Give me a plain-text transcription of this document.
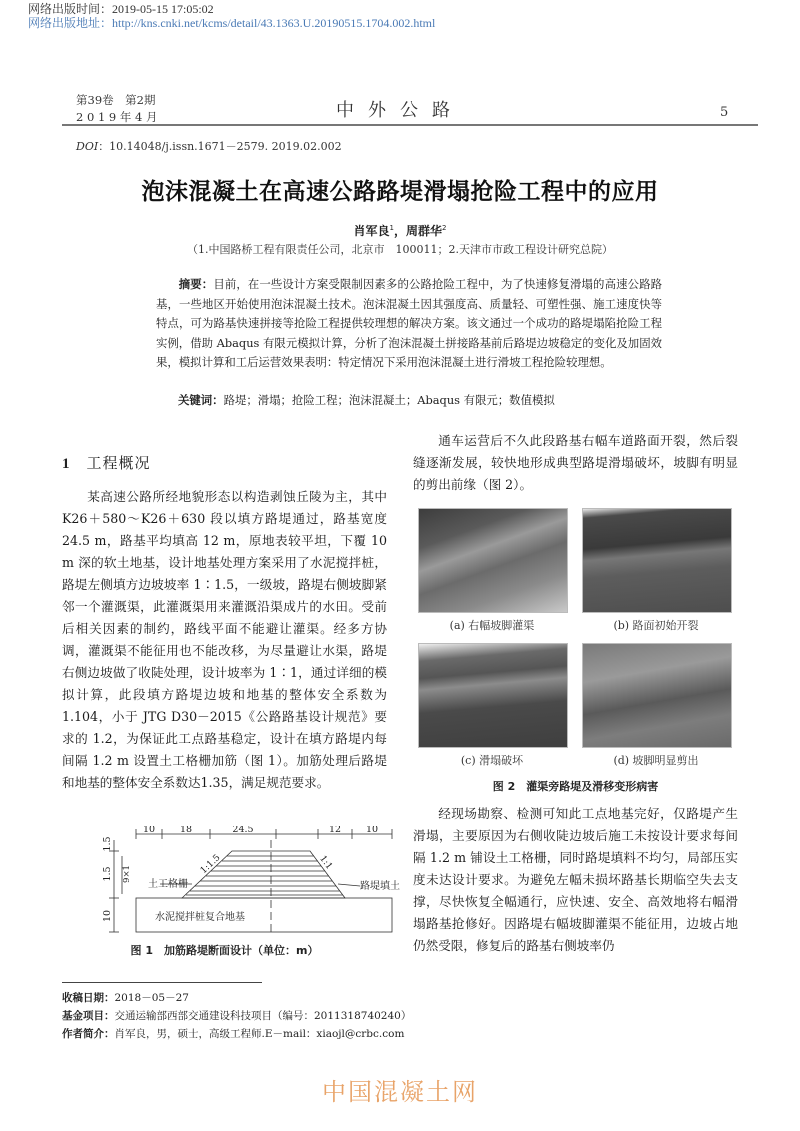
网络出版时间：2019-05-15 17:05:02
网络出版地址：http://kns.cnki.net/kcms/detail/43.1363.U.20190515.1704.002.html
第39卷　第2期
2 0 1 9 年 4 月	中外公路	5
DOI：10.14048/j.issn.1671－2579. 2019.02.002
泡沫混凝土在高速公路路堤滑塌抢险工程中的应用
肖军良$^1$，周群华$^2$
（1.中国路桥工程有限责任公司，北京市　100011；2.天津市市政工程设计研究总院）
摘要：目前，在一些设计方案受限制因素多的公路抢险工程中，为了快速修复滑塌的高速公路路基，一些地区开始使用泡沫混凝土技术。泡沫混凝土因其强度高、质量轻、可塑性强、施工速度快等特点，可为路基快速拼接等抢险工程提供较理想的解决方案。该文通过一个成功的路堤塌陷抢险工程实例，借助 Abaqus 有限元模拟计算，分析了泡沫混凝土拼接路基前后路堤边坡稳定的变化及加固效果，模拟计算和工后运营效果表明：特定情况下采用泡沫混凝土进行滑坡工程抢险较理想。
关键词：路堤；滑塌；抢险工程；泡沫混凝土；Abaqus 有限元；数值模拟
1 工程概况
某高速公路所经地貌形态以构造剥蚀丘陵为主，其中 K26＋580～K26＋630 段以填方路堤通过，路基宽度 24.5 m，路基平均填高 12 m，原地表较平坦，下覆 10 m 深的软土地基，设计地基处理方案采用了水泥搅拌桩，路堤左侧填方边坡坡率 1∶1.5，一级坡，路堤右侧坡脚紧邻一个灌溉渠，此灌溉渠用来灌溉沿渠成片的水田。受前后相关因素的制约，路线平面不能避让灌渠。经多方协调，灌溉渠不能征用也不能改移，为尽量避让水渠，路堤右侧边坡做了收陡处理，设计坡率为 1∶1，通过详细的模拟计算，此段填方路堤边坡和地基的整体安全系数为 1.104，小于 JTG D30－2015《公路路基设计规范》要求的 1.2，为保证此工点路基稳定，设计在填方路堤内每间隔 1.2 m 设置土工格栅加筋（图 1）。加筋处理后路堤和地基的整体安全系数达1.35，满足规范要求。
10	18	24.5	12	10
1.5
1.5 9×1
10
1:1.5	1:1
土工格栅	路堤填土
水泥搅拌桩复合地基
图 1　加筋路堤断面设计（单位：m）
通车运营后不久此段路基右幅车道路面开裂，然后裂缝逐渐发展，较快地形成典型路堤滑塌破坏，坡脚有明显的剪出前缘（图 2）。
(a) 右幅坡脚灌渠	(b) 路面初始开裂
(c) 滑塌破坏	(d) 坡脚明显剪出
图 2　灌渠旁路堤及滑移变形病害
经现场勘察、检测可知此工点地基完好，仅路堤产生滑塌，主要原因为右侧收陡边坡后施工未按设计要求每间隔 1.2 m 铺设土工格栅，同时路堤填料不均匀，局部压实度未达设计要求。为避免左幅未损坏路基长期临空失去支撑，尽快恢复全幅通行，应快速、安全、高效地将右幅滑塌路基抢修好。因路堤右幅坡脚灌渠不能征用，边坡占地仍然受限，修复后的路基右侧坡率仍
收稿日期：2018－05－27
基金项目：交通运输部西部交通建设科技项目（编号：2011318740240）
作者简介：肖军良，男，硕士，高级工程师.E－mail：xiaojl@crbc.com
中国混凝土网
